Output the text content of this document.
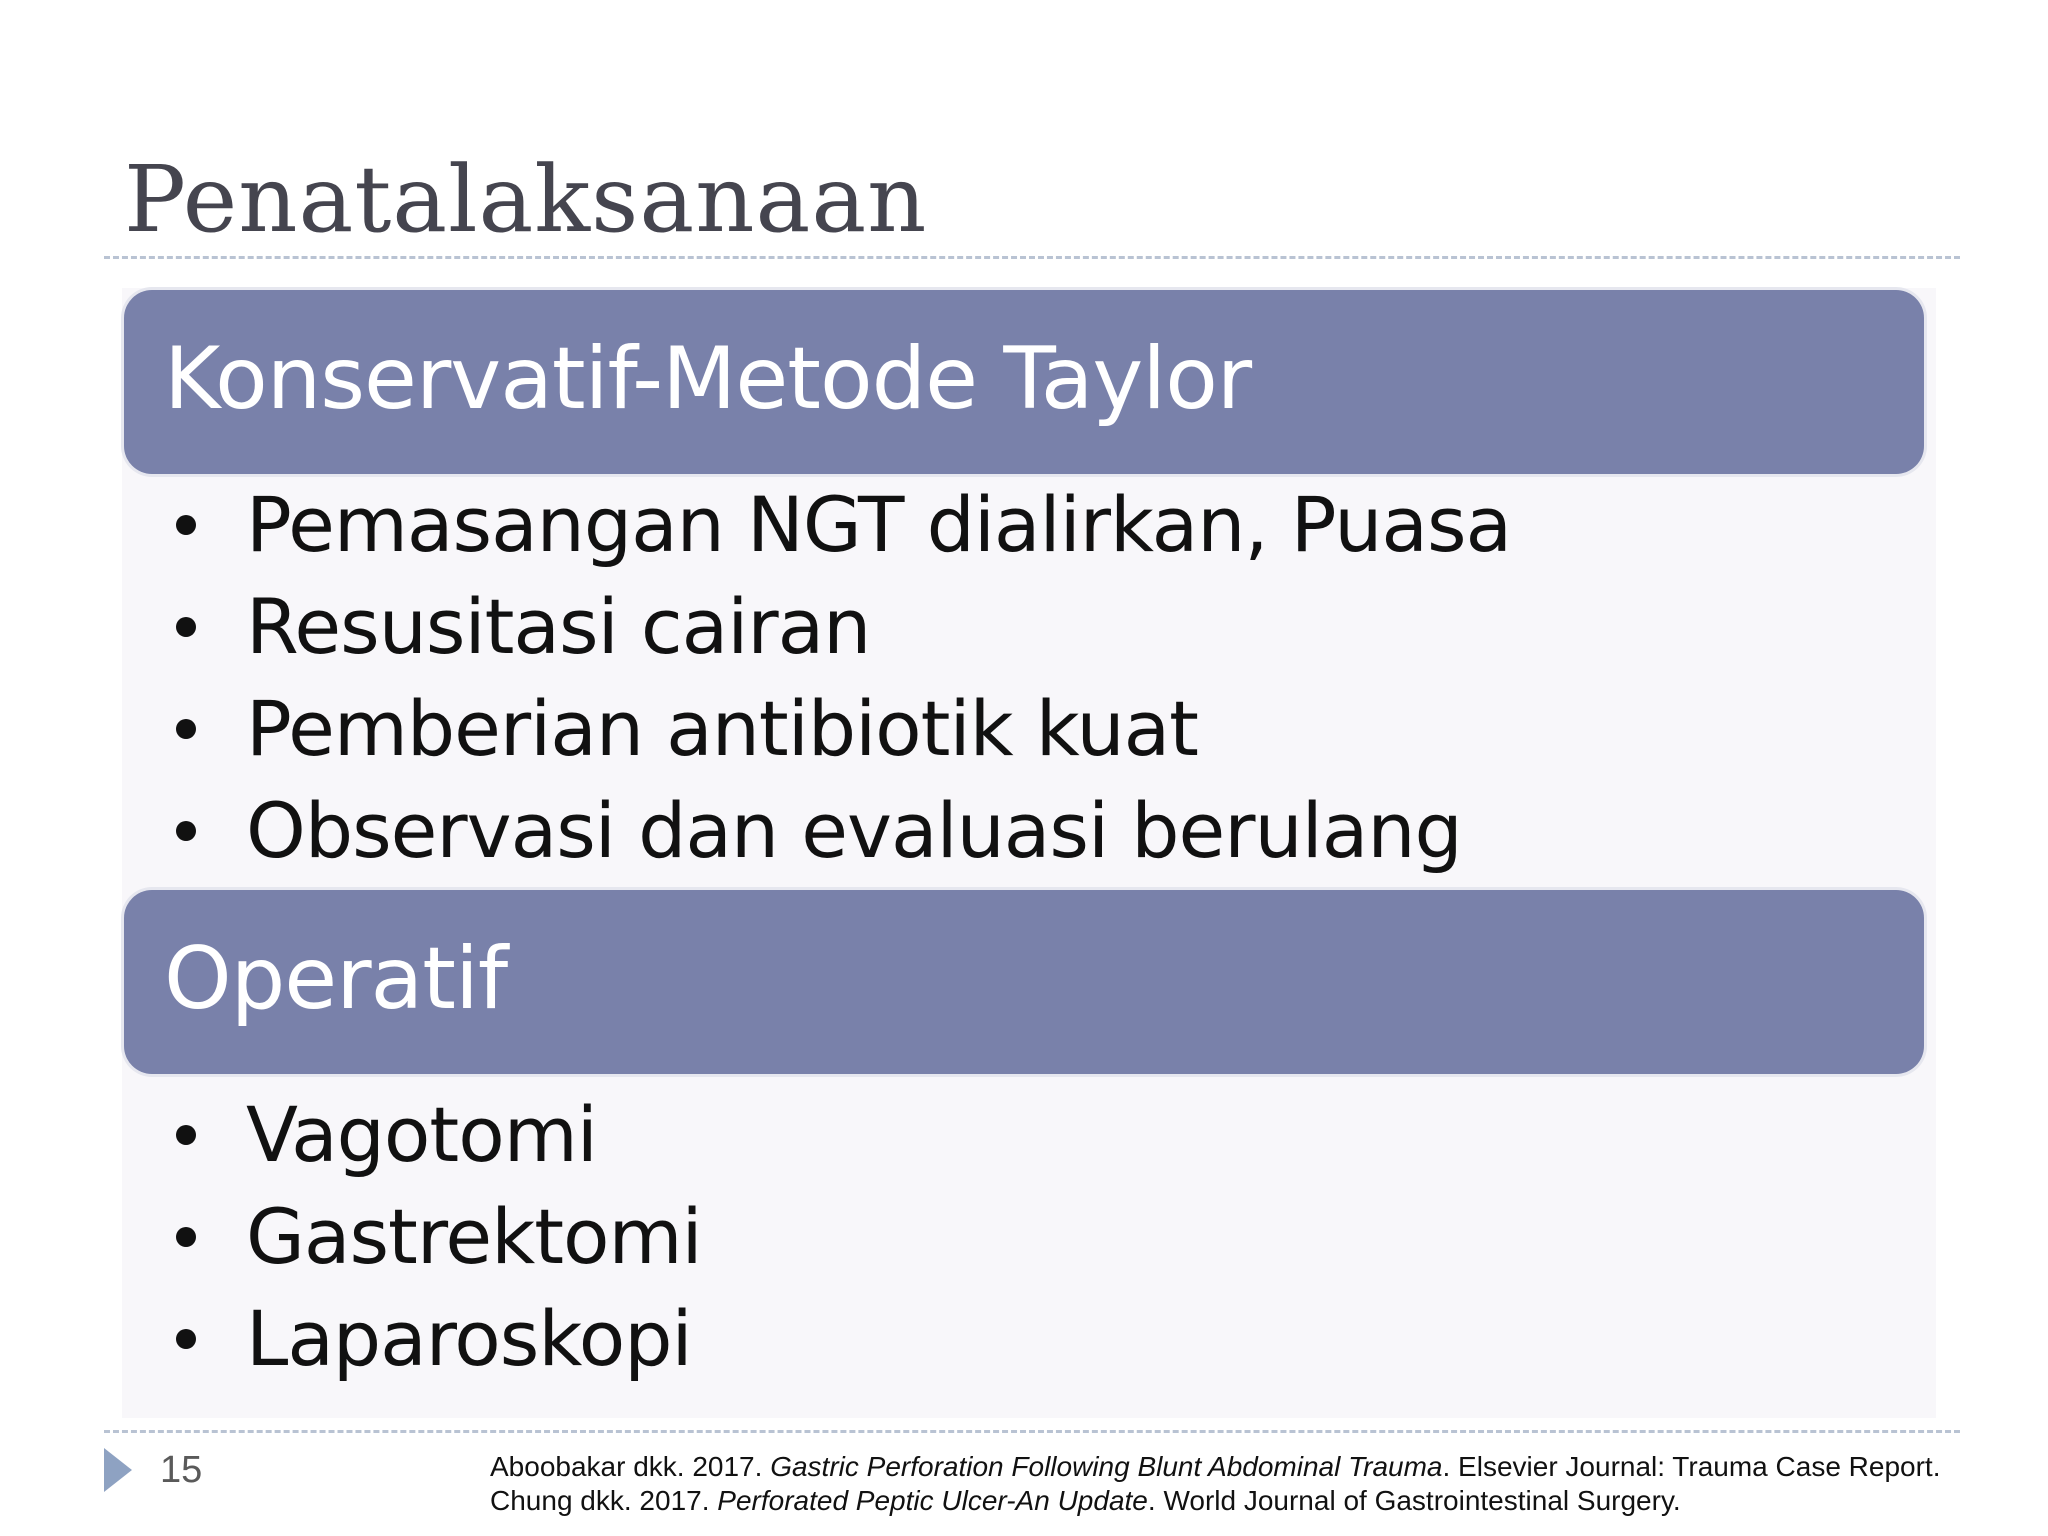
Penatalaksanaan
Konservatif-Metode Taylor
Pemasangan NGT dialirkan, Puasa
Resusitasi cairan
Pemberian antibiotik kuat
Observasi dan evaluasi berulang
Operatif
Vagotomi
Gastrektomi
Laparoskopi
15	Aboobakar dkk. 2017. Gastric Perforation Following Blunt Abdominal Trauma. Elsevier Journal: Trauma Case Report.
Chung dkk. 2017. Perforated Peptic Ulcer-An Update. World Journal of Gastrointestinal Surgery.
